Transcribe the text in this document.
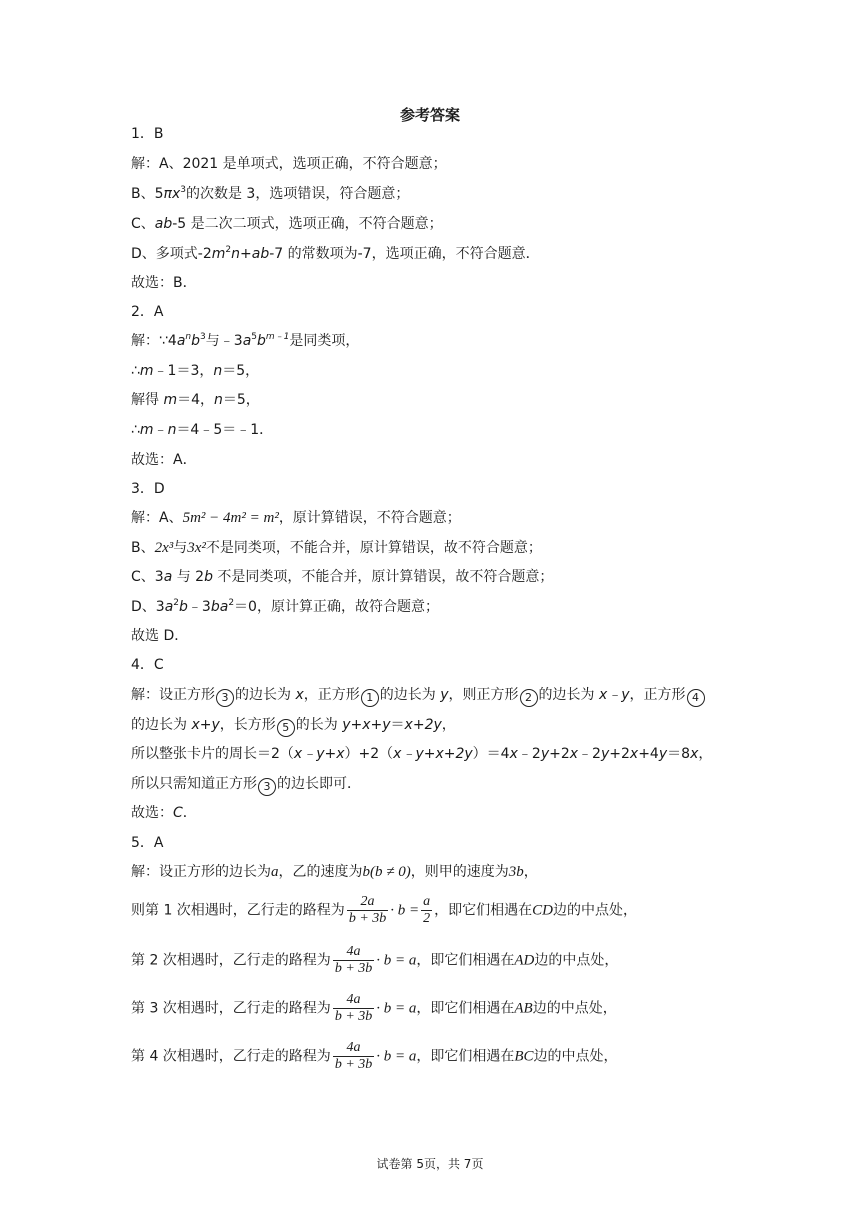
参考答案
1．B
解：A、2021 是单项式，选项正确，不符合题意；
B、$5\pi x^3$的次数是 3，选项错误，符合题意；
C、ab-5 是二次二项式，选项正确，不符合题意；
D、多项式$-2m^2n+ab-7$ 的常数项为-7，选项正确，不符合题意．
故选：B．
2．A
解：$\because 4a^nb^3$与$﹣3a^5b^{m﹣1}$是同类项，
∴m﹣1＝3，n＝5，
解得 m＝4，n＝5，
∴m﹣n＝4﹣5＝﹣1．
故选：A．
3．D
解：A、5m² − 4m² = m²，原计算错误，不符合题意；
B、2x³与3x²不是同类项，不能合并，原计算错误，故不符合题意；
C、3a 与 2b 不是同类项，不能合并，原计算错误，故不符合题意；
D、$3a^2b﹣3ba^2=0$，原计算正确，故符合题意；
故选 D．
4．C
解：设正方形 3 的边长为 x，正方形 1 的边长为 y，则正方形 2 的边长为 x﹣y，正方形 4
的边长为 x+y，长方形 5 的长为 y+x+y＝x+2y，
所以整张卡片的周长＝2（x﹣y+x）+2（x﹣y+x+2y）＝4x﹣2y+2x﹣2y+2x+4y＝8x，
所以只需知道正方形 3 的边长即可．
故选：C．
5．A
解：设正方形的边长为a，乙的速度为b(b ≠ 0)，则甲的速度为3b，
则第 1 次相遇时，乙行走的路程为 $\frac{2a}{b + 3b} \cdot b = \frac{a}{2}$ ，即它们相遇在CD边的中点处，
第 2 次相遇时，乙行走的路程为 $\frac{4a}{b + 3b} \cdot b = a$，即它们相遇在AD边的中点处，
第 3 次相遇时，乙行走的路程为 $\frac{4a}{b + 3b} \cdot b = a$，即它们相遇在AB边的中点处，
第 4 次相遇时，乙行走的路程为 $\frac{4a}{b + 3b} \cdot b = a$，即它们相遇在BC边的中点处，
试卷第 5页，共 7页
